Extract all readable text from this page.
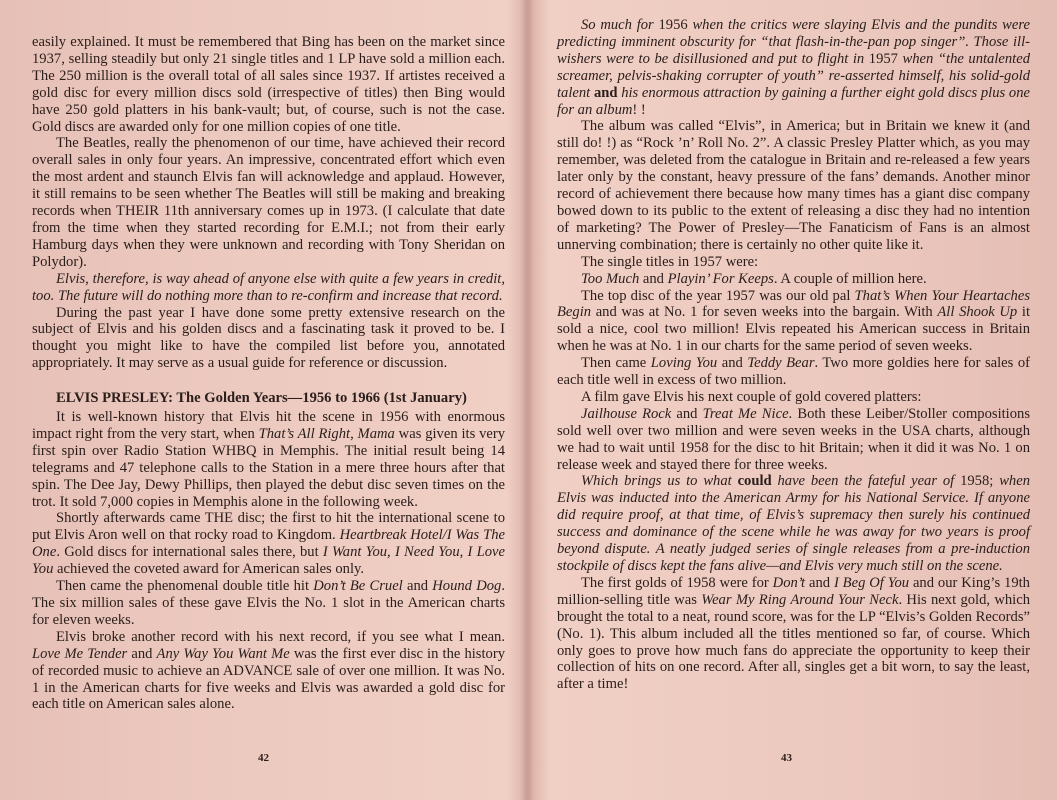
easily explained. It must be remembered that Bing has been on the market since 1937, selling steadily but only 21 single titles and 1 LP have sold a million each. The 250 million is the overall total of all sales since 1937. If artistes received a gold disc for every million discs sold (irrespective of titles) then Bing would have 250 gold platters in his bank-vault; but, of course, such is not the case. Gold discs are awarded only for one million copies of one title.

The Beatles, really the phenomenon of our time, have achieved their record overall sales in only four years. An impressive, concentrated effort which even the most ardent and staunch Elvis fan will acknowledge and applaud. However, it still remains to be seen whether The Beatles will still be making and breaking records when THEIR 11th anniversary comes up in 1973. (I calculate that date from the time when they started recording for E.M.I.; not from their early Hamburg days when they were unknown and recording with Tony Sheridan on Polydor).

Elvis, therefore, is way ahead of anyone else with quite a few years in credit, too. The future will do nothing more than to re-confirm and increase that record.

During the past year I have done some pretty extensive research on the subject of Elvis and his golden discs and a fascinating task it proved to be. I thought you might like to have the compiled list before you, annotated appropriately. It may serve as a usual guide for reference or discussion.

ELVIS PRESLEY: The Golden Years—1956 to 1966 (1st January)

It is well-known history that Elvis hit the scene in 1956 with enormous impact right from the very start, when That’s All Right, Mama was given its very first spin over Radio Station WHBQ in Memphis. The initial result being 14 telegrams and 47 telephone calls to the Station in a mere three hours after that spin. The Dee Jay, Dewy Phillips, then played the debut disc seven times on the trot. It sold 7,000 copies in Memphis alone in the following week.

Shortly afterwards came THE disc; the first to hit the international scene to put Elvis Aron well on that rocky road to Kingdom. Heartbreak Hotel/I Was The One. Gold discs for international sales there, but I Want You, I Need You, I Love You achieved the coveted award for American sales only.

Then came the phenomenal double title hit Don’t Be Cruel and Hound Dog. The six million sales of these gave Elvis the No. 1 slot in the American charts for eleven weeks.

Elvis broke another record with his next record, if you see what I mean. Love Me Tender and Any Way You Want Me was the first ever disc in the history of recorded music to achieve an ADVANCE sale of over one million. It was No. 1 in the American charts for five weeks and Elvis was awarded a gold disc for each title on American sales alone.

42

So much for 1956 when the critics were slaying Elvis and the pundits were predicting imminent obscurity for “that flash-in-the-pan pop singer”. Those ill-wishers were to be disillusioned and put to flight in 1957 when “the untalented screamer, pelvis-shaking corrupter of youth” re-asserted himself, his solid-gold talent and his enormous attraction by gaining a further eight gold discs plus one for an album! !

The album was called “Elvis”, in America; but in Britain we knew it (and still do! !) as “Rock ’n’ Roll No. 2”. A classic Presley Platter which, as you may remember, was deleted from the catalogue in Britain and re-released a few years later only by the constant, heavy pressure of the fans’ demands. Another minor record of achievement there because how many times has a giant disc company bowed down to its public to the extent of releasing a disc they had no intention of marketing? The Power of Presley—The Fanaticism of Fans is an almost unnerving combination; there is certainly no other quite like it.

The single titles in 1957 were:

Too Much and Playin’ For Keeps. A couple of million here.

The top disc of the year 1957 was our old pal That’s When Your Heartaches Begin and was at No. 1 for seven weeks into the bargain. With All Shook Up it sold a nice, cool two million! Elvis repeated his American success in Britain when he was at No. 1 in our charts for the same period of seven weeks.

Then came Loving You and Teddy Bear. Two more goldies here for sales of each title well in excess of two million.

A film gave Elvis his next couple of gold covered platters:

Jailhouse Rock and Treat Me Nice. Both these Leiber/Stoller compositions sold well over two million and were seven weeks in the USA charts, although we had to wait until 1958 for the disc to hit Britain; when it did it was No. 1 on release week and stayed there for three weeks.

Which brings us to what could have been the fateful year of 1958; when Elvis was inducted into the American Army for his National Service. If anyone did require proof, at that time, of Elvis’s supremacy then surely his continued success and dominance of the scene while he was away for two years is proof beyond dispute. A neatly judged series of single releases from a pre-induction stockpile of discs kept the fans alive—and Elvis very much still on the scene.

The first golds of 1958 were for Don’t and I Beg Of You and our King’s 19th million-selling title was Wear My Ring Around Your Neck. His next gold, which brought the total to a neat, round score, was for the LP “Elvis’s Golden Records” (No. 1). This album included all the titles mentioned so far, of course. Which only goes to prove how much fans do appreciate the opportunity to keep their collection of hits on one record. After all, singles get a bit worn, to say the least, after a time!

43
